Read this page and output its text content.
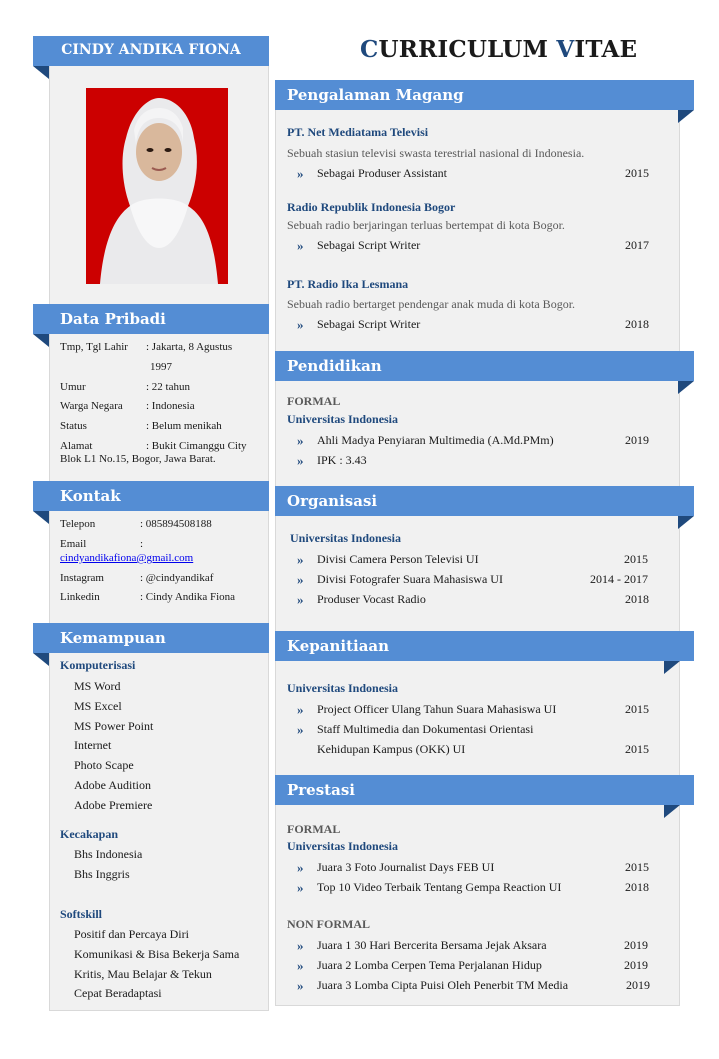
CINDY ANDIKA FIONA
Data Pribadi
Tmp, Tgl Lahir : Jakarta, 8 Agustus
1997
Umur	: 22 tahun
Warga Negara : Indonesia
Status	: Belum menikah
Alamat	: Bukit Cimanggu City
Blok L1 No.15, Bogor, Jawa Barat.
Kontak
Telepon	: 085894508188
Email	:
cindyandikafiona@gmail.com
Instagram	: @cindyandikaf
Linkedin	: Cindy Andika Fiona
Kemampuan
Komputerisasi
MS Word
MS Excel
MS Power Point
Internet
Photo Scape
Adobe Audition
Adobe Premiere
Kecakapan
Bhs Indonesia
Bhs Inggris
Softskill
Positif dan Percaya Diri
Komunikasi & Bisa Bekerja Sama
Kritis, Mau Belajar & Tekun
Cepat Beradaptasi
CURRICULUM VITAE
Pengalaman Magang
PT. Net Mediatama Televisi
Sebuah stasiun televisi swasta terestrial nasional di Indonesia.
» Sebagai Produser Assistant	2015
Radio Republik Indonesia Bogor
Sebuah radio berjaringan terluas bertempat di kota Bogor.
» Sebagai Script Writer	2017
PT. Radio Ika Lesmana
Sebuah radio bertarget pendengar anak muda di kota Bogor.
» Sebagai Script Writer	2018
Pendidikan
FORMAL
Universitas Indonesia
» Ahli Madya Penyiaran Multimedia (A.Md.PMm)	2019
» IPK : 3.43
Organisasi
Universitas Indonesia
» Divisi Camera Person Televisi UI	2015
» Divisi Fotografer Suara Mahasiswa UI	2014 - 2017
» Produser Vocast Radio	2018
Kepanitiaan
Universitas Indonesia
» Project Officer Ulang Tahun Suara Mahasiswa UI	2015
» Staff Multimedia dan Dokumentasi Orientasi
Kehidupan Kampus (OKK) UI	2015
Prestasi
FORMAL
Universitas Indonesia
» Juara 3 Foto Journalist Days FEB UI	2015
» Top 10 Video Terbaik Tentang Gempa Reaction UI	2018
NON FORMAL
» Juara 1 30 Hari Bercerita Bersama Jejak Aksara	2019
» Juara 2 Lomba Cerpen Tema Perjalanan Hidup	2019
» Juara 3 Lomba Cipta Puisi Oleh Penerbit TM Media	2019
